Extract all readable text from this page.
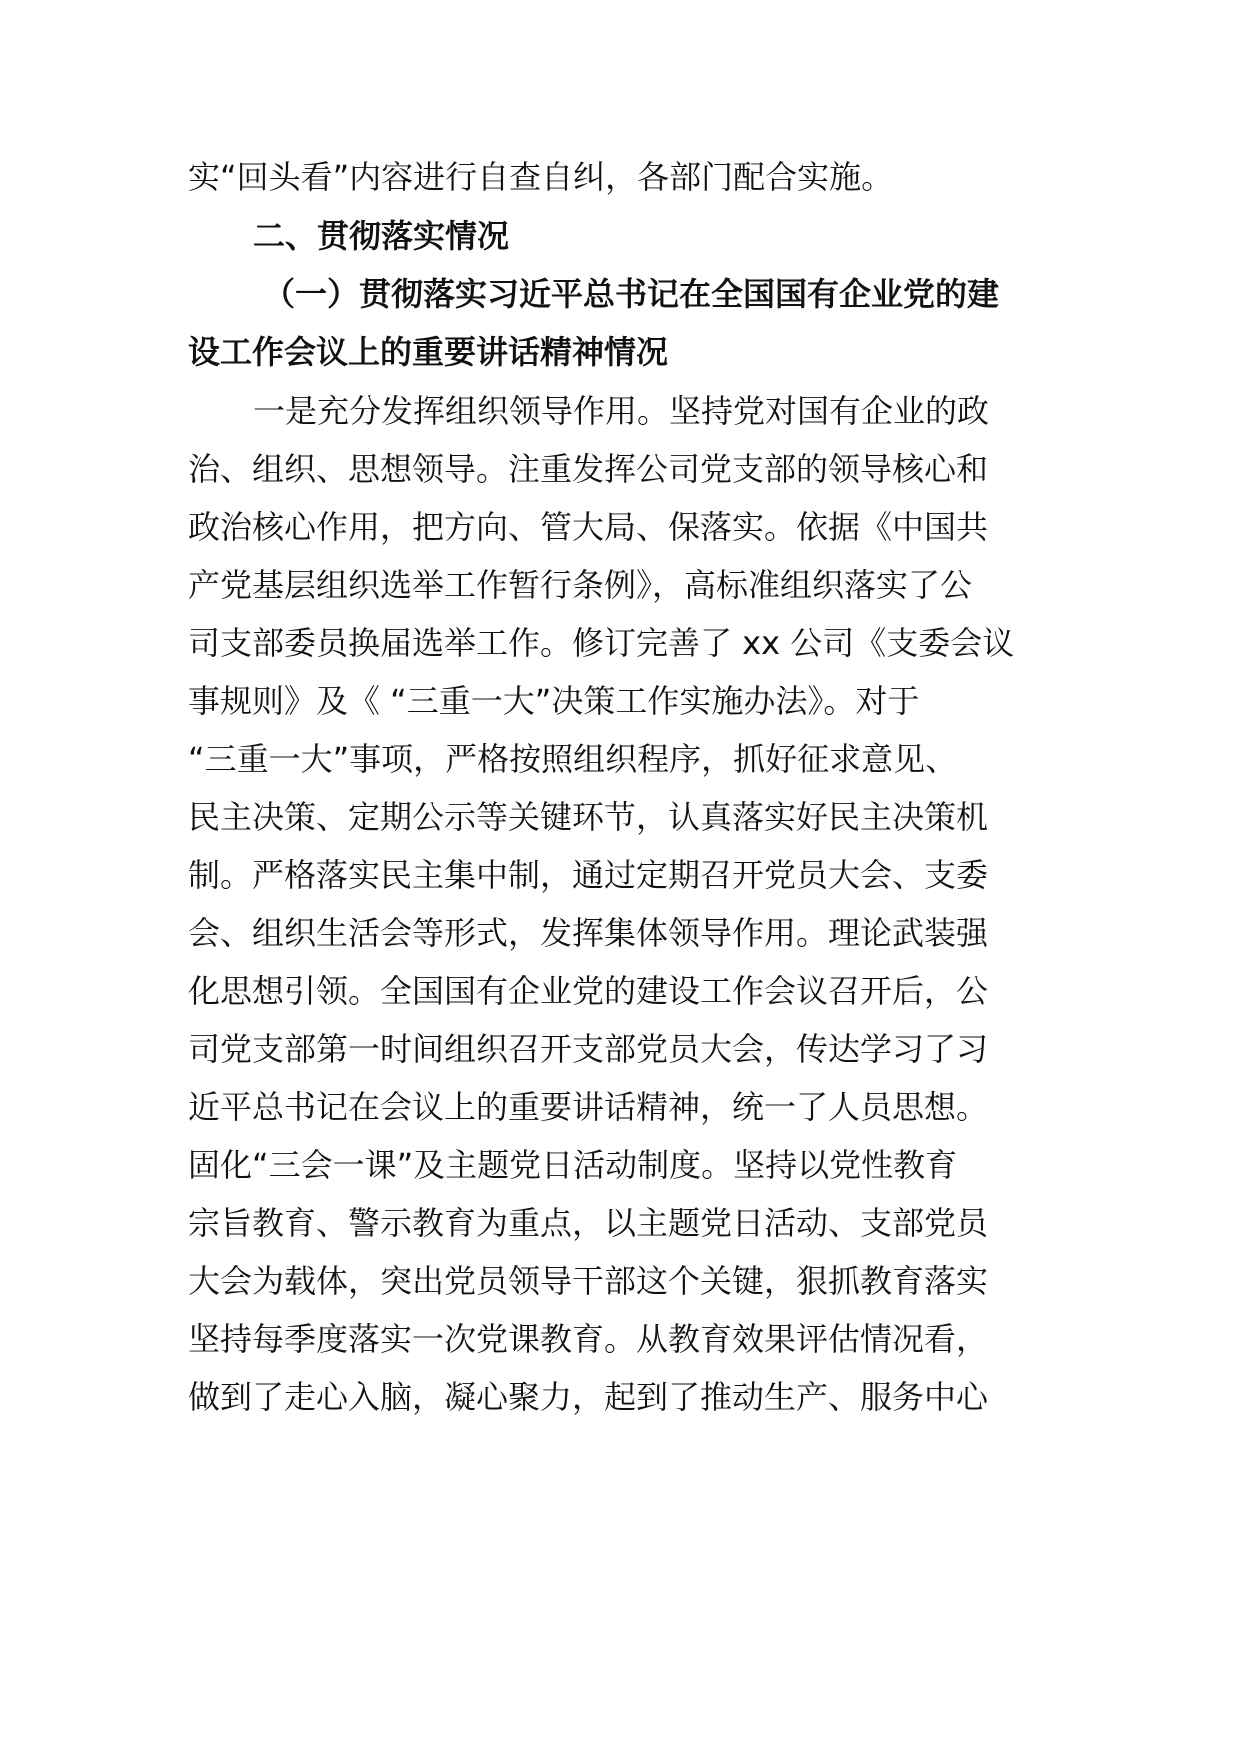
实“回头看”内容进行自查自纠，各部门配合实施。
二、贯彻落实情况
（一）贯彻落实习近平总书记在全国国有企业党的建
设工作会议上的重要讲话精神情况
一是充分发挥组织领导作用。坚持党对国有企业的政
治、组织、思想领导。注重发挥公司党支部的领导核心和
政治核心作用，把方向、管大局、保落实。依据《中国共
产党基层组织选举工作暂行条例》，高标准组织落实了公
司支部委员换届选举工作。修订完善了 xx 公司《支委会议
事规则》及《 “三重一大”决策工作实施办法》。对于
“三重一大”事项，严格按照组织程序，抓好征求意见、
民主决策、定期公示等关键环节，认真落实好民主决策机
制。严格落实民主集中制，通过定期召开党员大会、支委
会、组织生活会等形式，发挥集体领导作用。理论武装强
化思想引领。全国国有企业党的建设工作会议召开后，公
司党支部第一时间组织召开支部党员大会，传达学习了习
近平总书记在会议上的重要讲话精神，统一了人员思想。
固化“三会一课”及主题党日活动制度。坚持以党性教育
宗旨教育、警示教育为重点，以主题党日活动、支部党员
大会为载体，突出党员领导干部这个关键，狠抓教育落实
坚持每季度落实一次党课教育。从教育效果评估情况看，
做到了走心入脑，凝心聚力，起到了推动生产、服务中心
